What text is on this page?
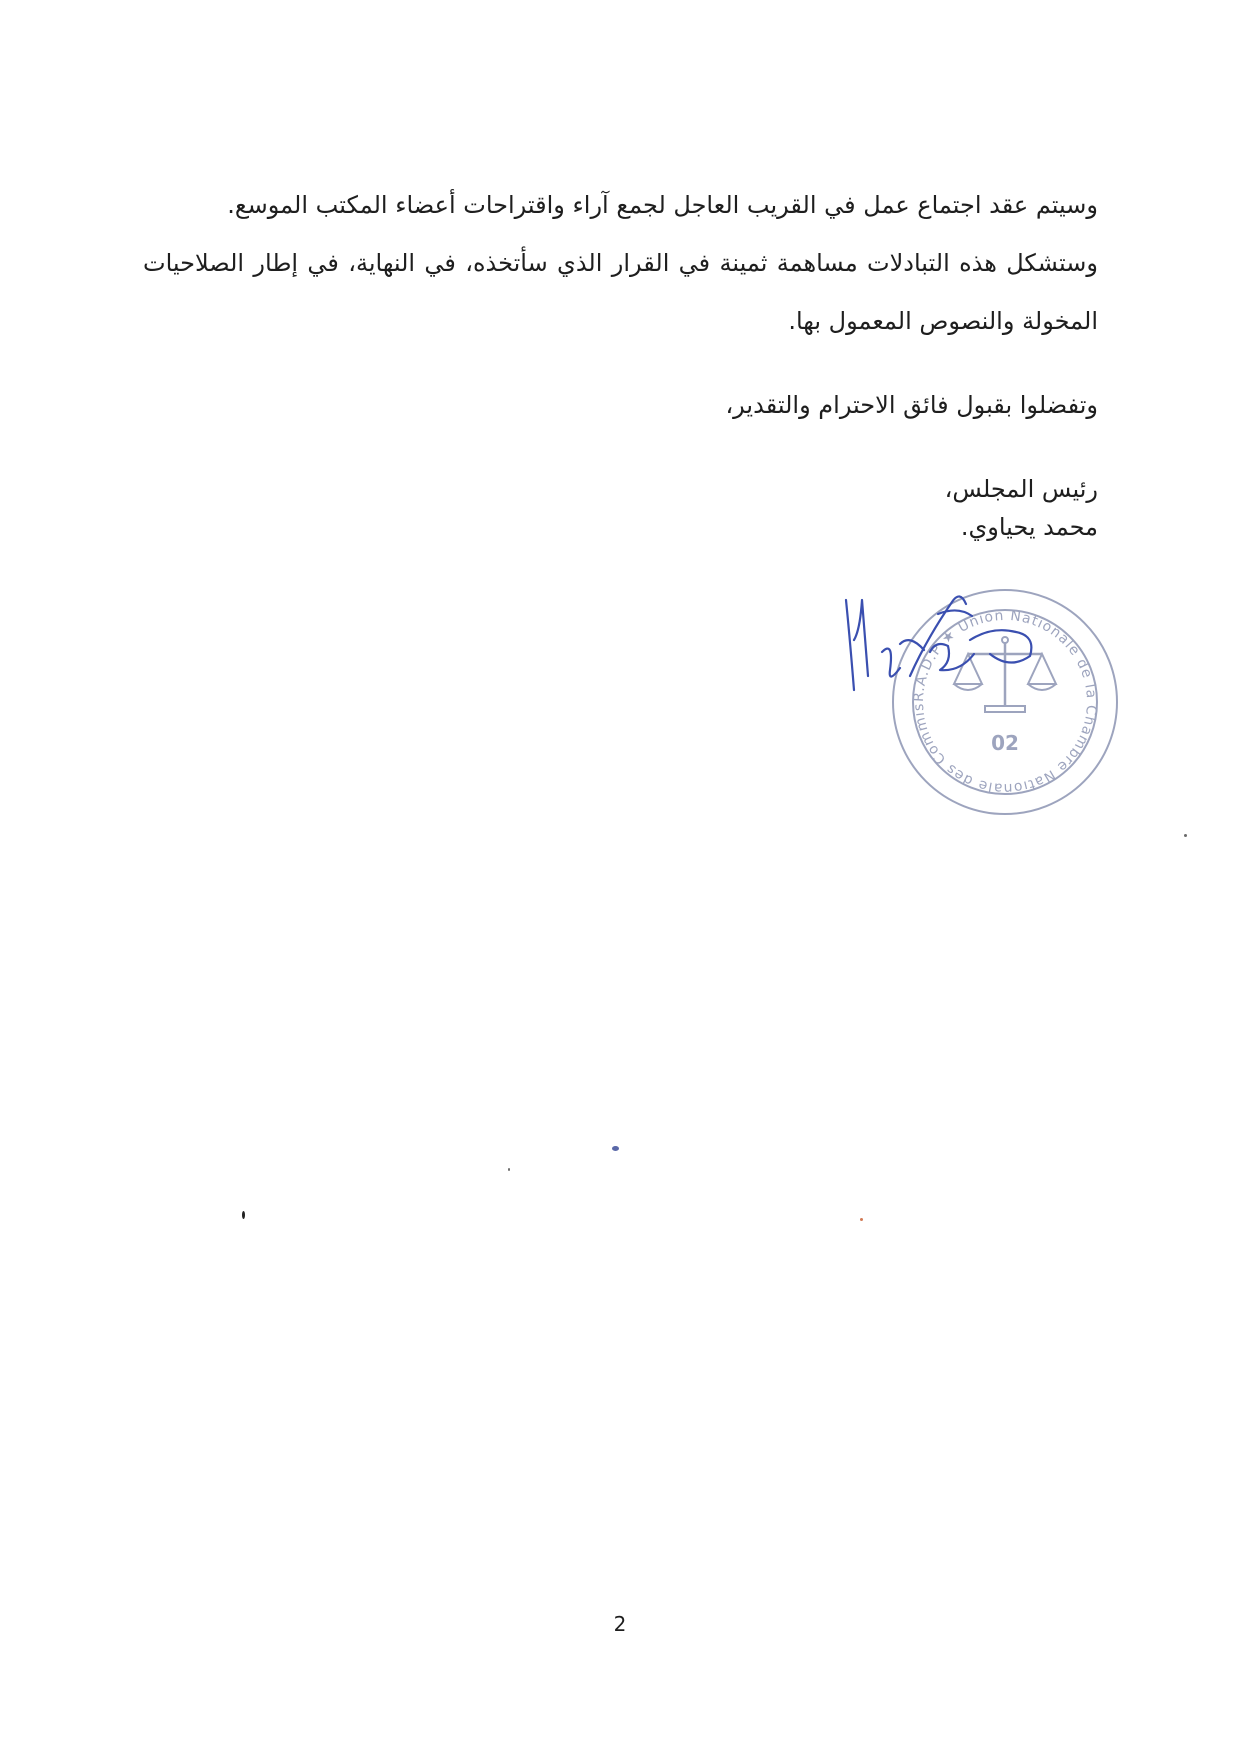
وسيتم عقد اجتماع عمل في القريب العاجل لجمع آراء واقتراحات أعضاء المكتب الموسع.

وستشكل هذه التبادلات مساهمة ثمينة في القرار الذي سأتخذه، في النهاية، في إطار الصلاحيات المخولة والنصوص المعمول بها.

وتفضلوا بقبول فائق الاحترام والتقدير،
رئيس المجلس،
محمد يحياوي.
R.A.D.P ★ Union Nationale de la Chambre Nationale des Commis
02
2
